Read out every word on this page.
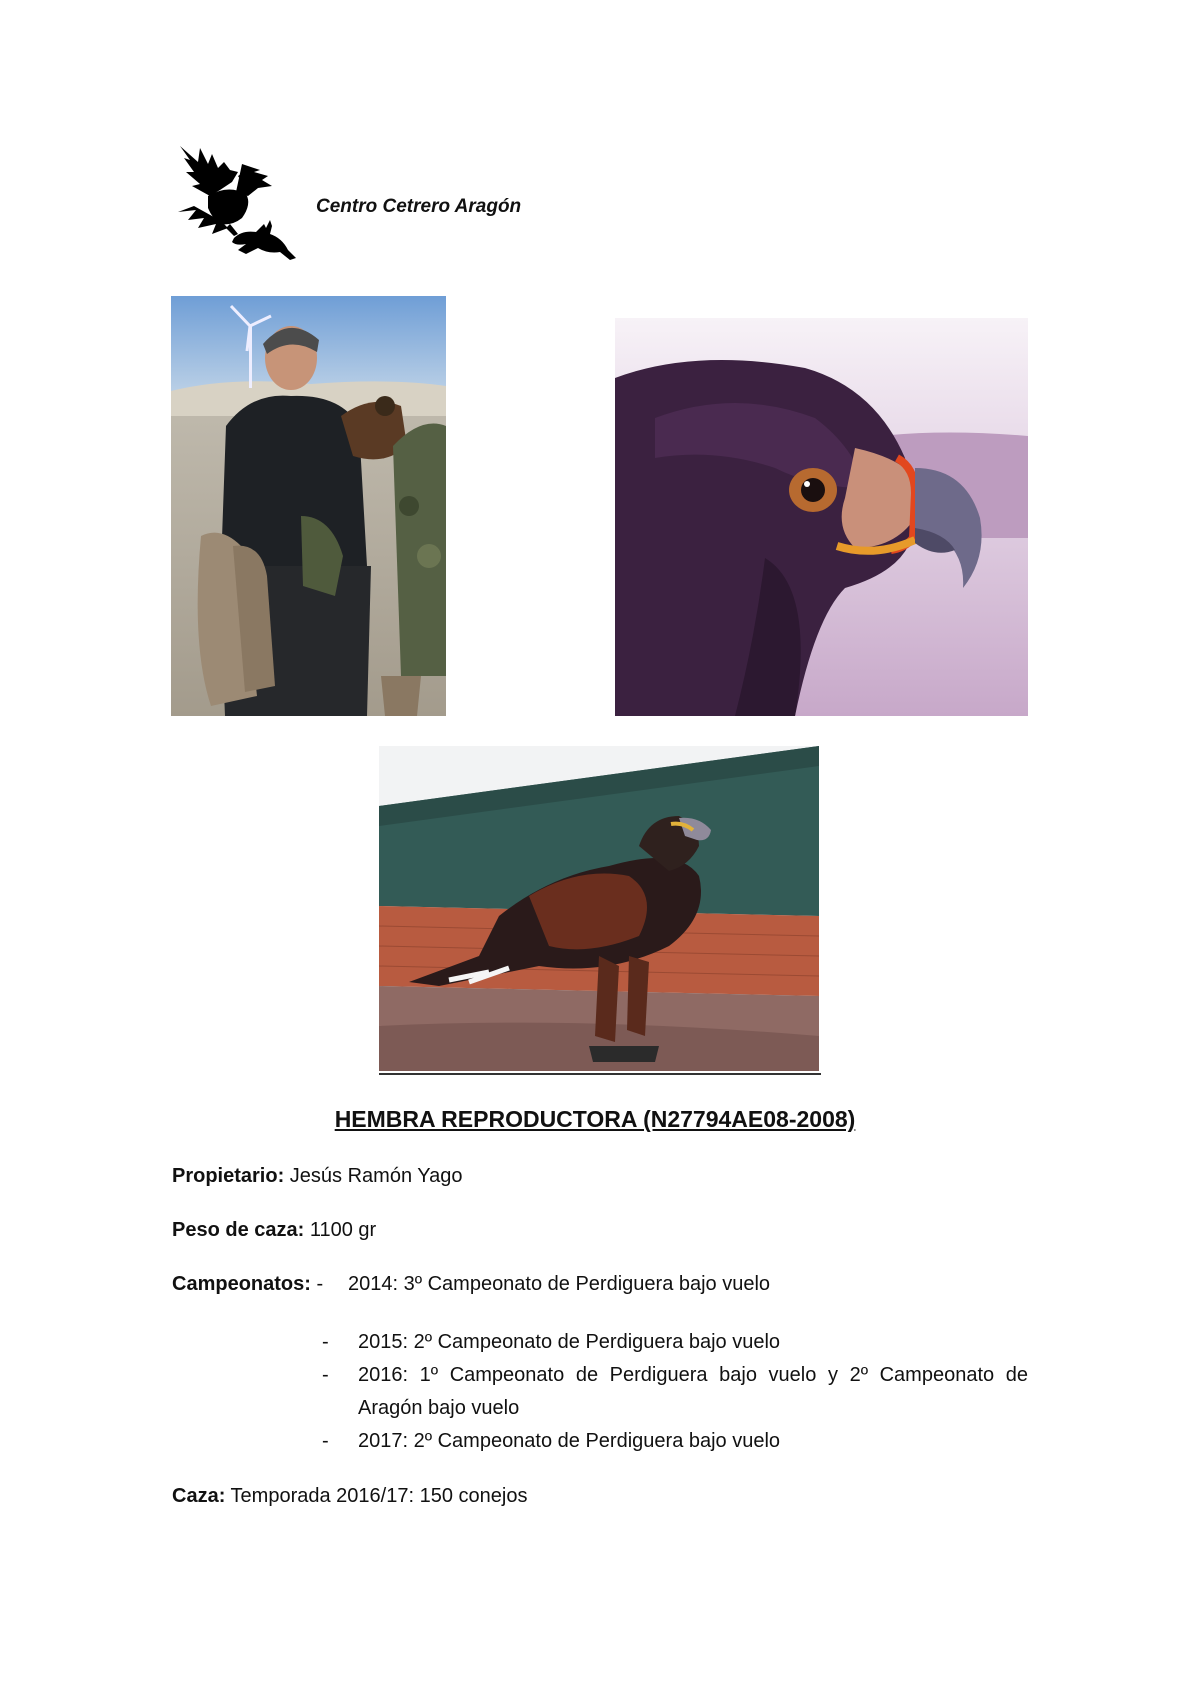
Centro Cetrero Aragón
HEMBRA REPRODUCTORA (N27794AE08-2008)
Propietario: Jesús Ramón Yago
Peso de caza: 1100 gr
Campeonatos: - 2014: 3º Campeonato de Perdiguera bajo vuelo
- 2015: 2º Campeonato de Perdiguera bajo vuelo
- 2016: 1º Campeonato de Perdiguera bajo vuelo y 2º Campeonato de Aragón bajo vuelo
- 2017: 2º Campeonato de Perdiguera bajo vuelo
Caza: Temporada 2016/17: 150 conejos
